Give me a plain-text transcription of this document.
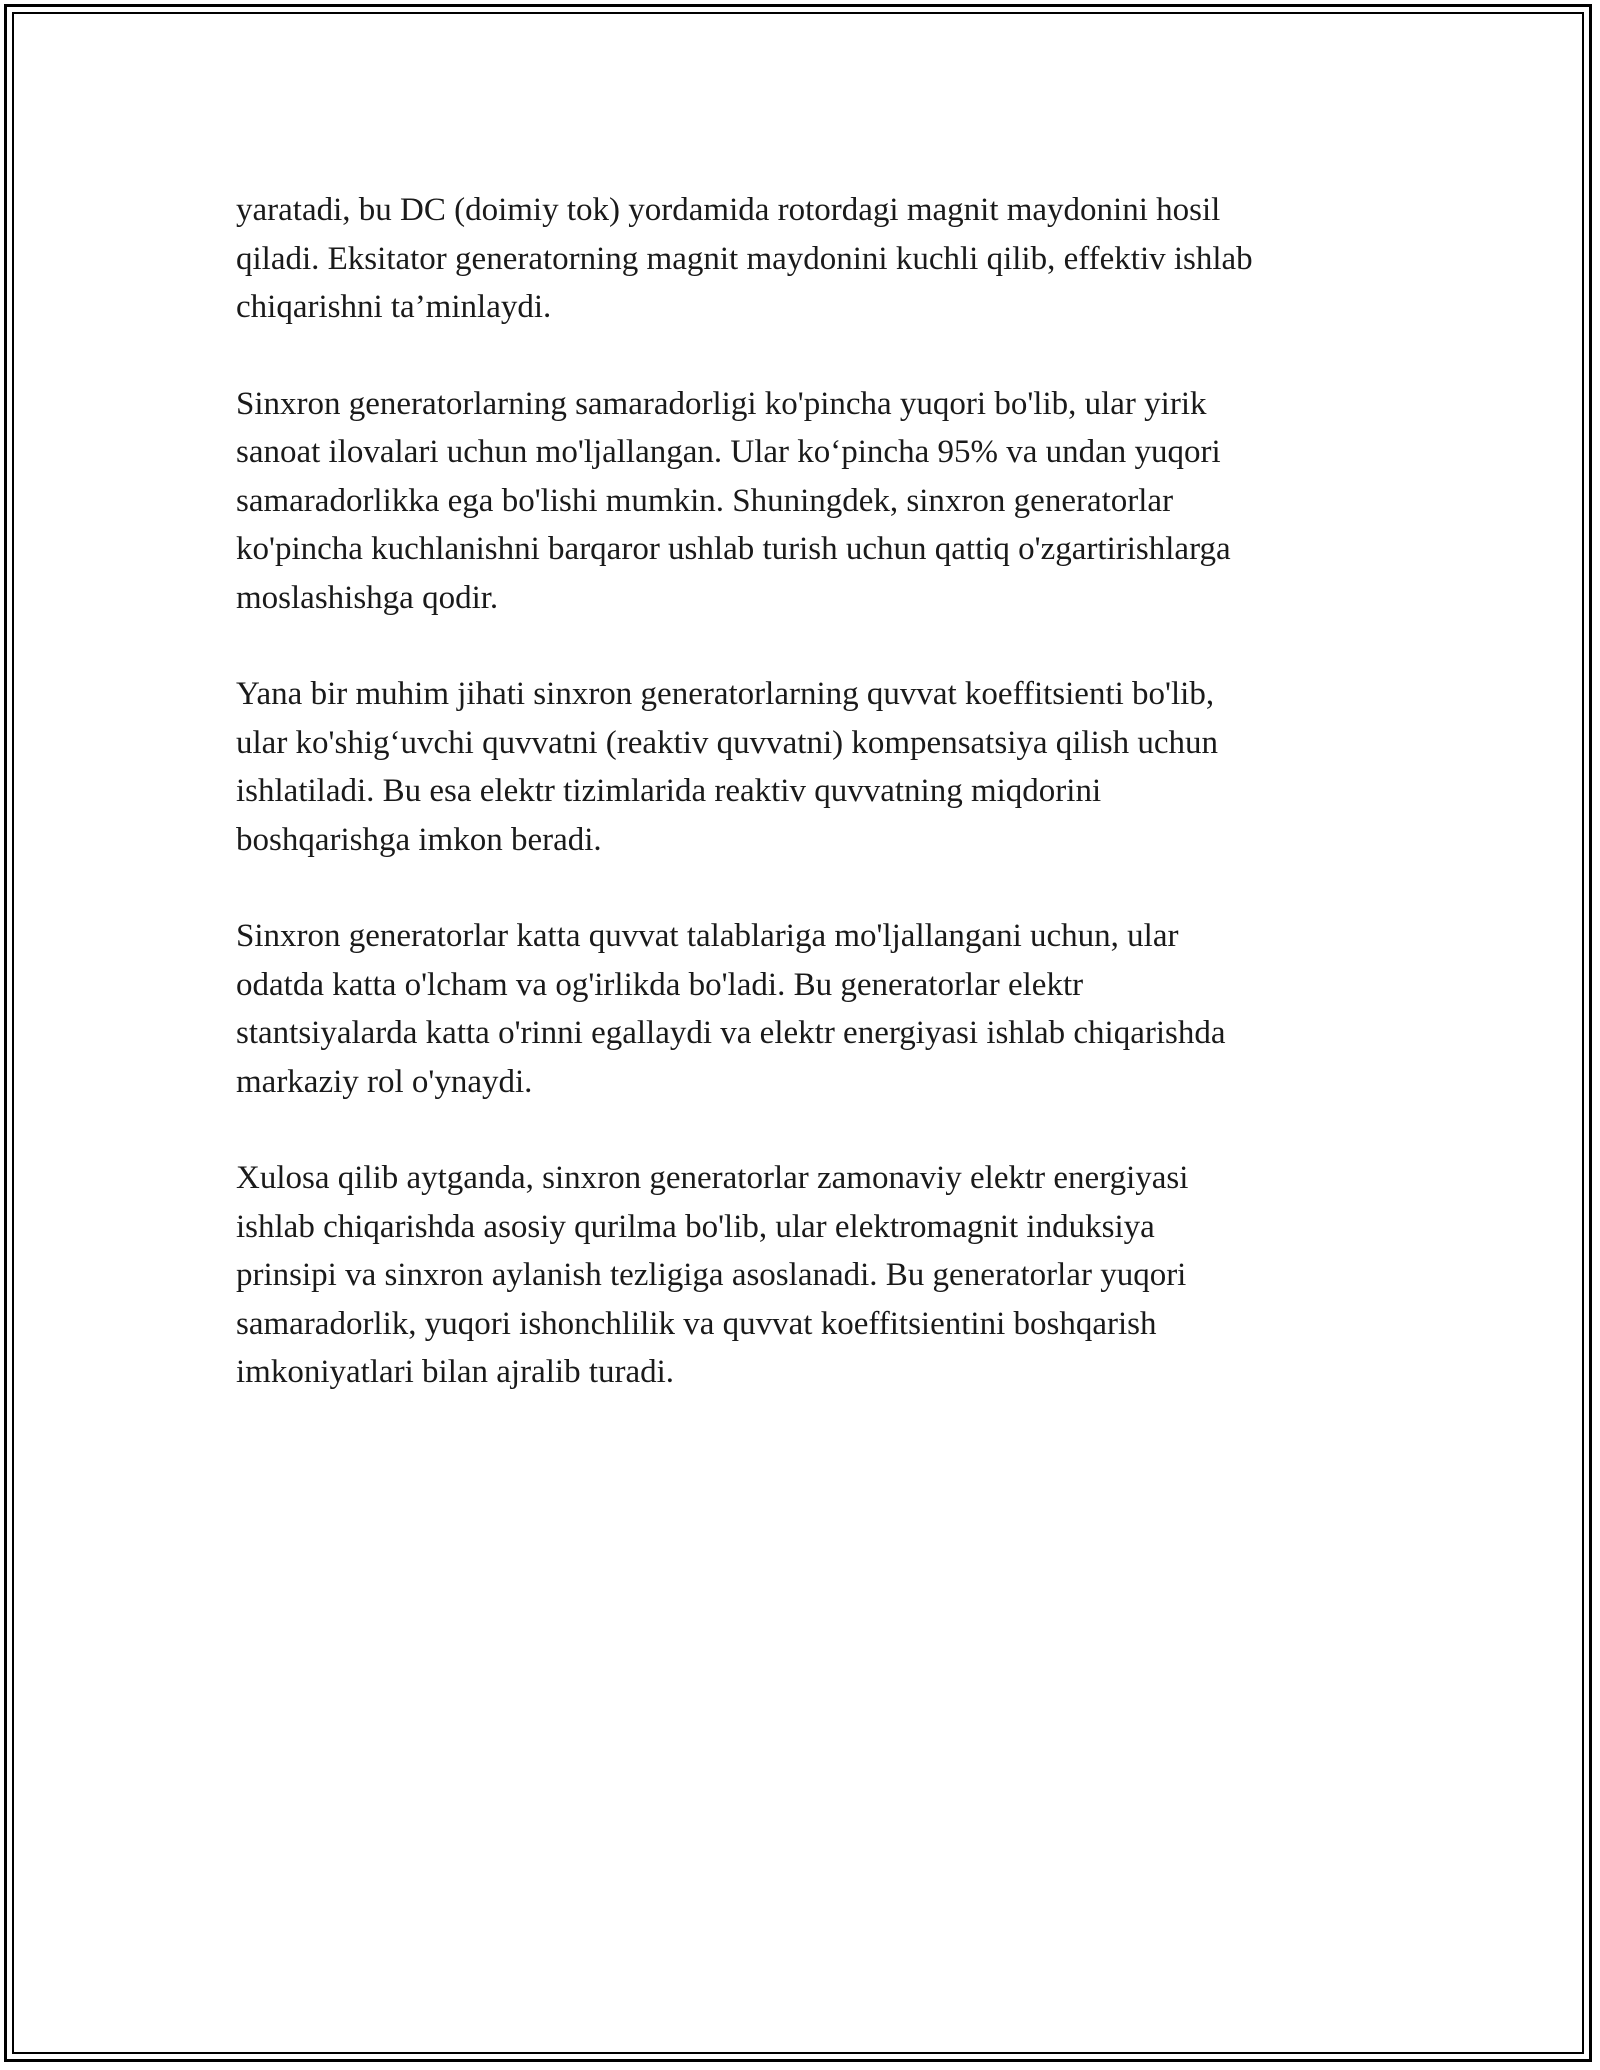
yaratadi, bu DC (doimiy tok) yordamida rotordagi magnit maydonini hosil
qiladi. Eksitator generatorning magnit maydonini kuchli qilib, effektiv ishlab
chiqarishni ta’minlaydi.

Sinxron generatorlarning samaradorligi ko'pincha yuqori bo'lib, ular yirik
sanoat ilovalari uchun mo'ljallangan. Ular ko‘pincha 95% va undan yuqori
samaradorlikka ega bo'lishi mumkin. Shuningdek, sinxron generatorlar
ko'pincha kuchlanishni barqaror ushlab turish uchun qattiq o'zgartirishlarga
moslashishga qodir.

Yana bir muhim jihati sinxron generatorlarning quvvat koeffitsienti bo'lib,
ular ko'shig‘uvchi quvvatni (reaktiv quvvatni) kompensatsiya qilish uchun
ishlatiladi. Bu esa elektr tizimlarida reaktiv quvvatning miqdorini
boshqarishga imkon beradi.

Sinxron generatorlar katta quvvat talablariga mo'ljallangani uchun, ular
odatda katta o'lcham va og'irlikda bo'ladi. Bu generatorlar elektr
stantsiyalarda katta o'rinni egallaydi va elektr energiyasi ishlab chiqarishda
markaziy rol o'ynaydi.

Xulosa qilib aytganda, sinxron generatorlar zamonaviy elektr energiyasi
ishlab chiqarishda asosiy qurilma bo'lib, ular elektromagnit induksiya
prinsipi va sinxron aylanish tezligiga asoslanadi. Bu generatorlar yuqori
samaradorlik, yuqori ishonchlilik va quvvat koeffitsientini boshqarish
imkoniyatlari bilan ajralib turadi.
